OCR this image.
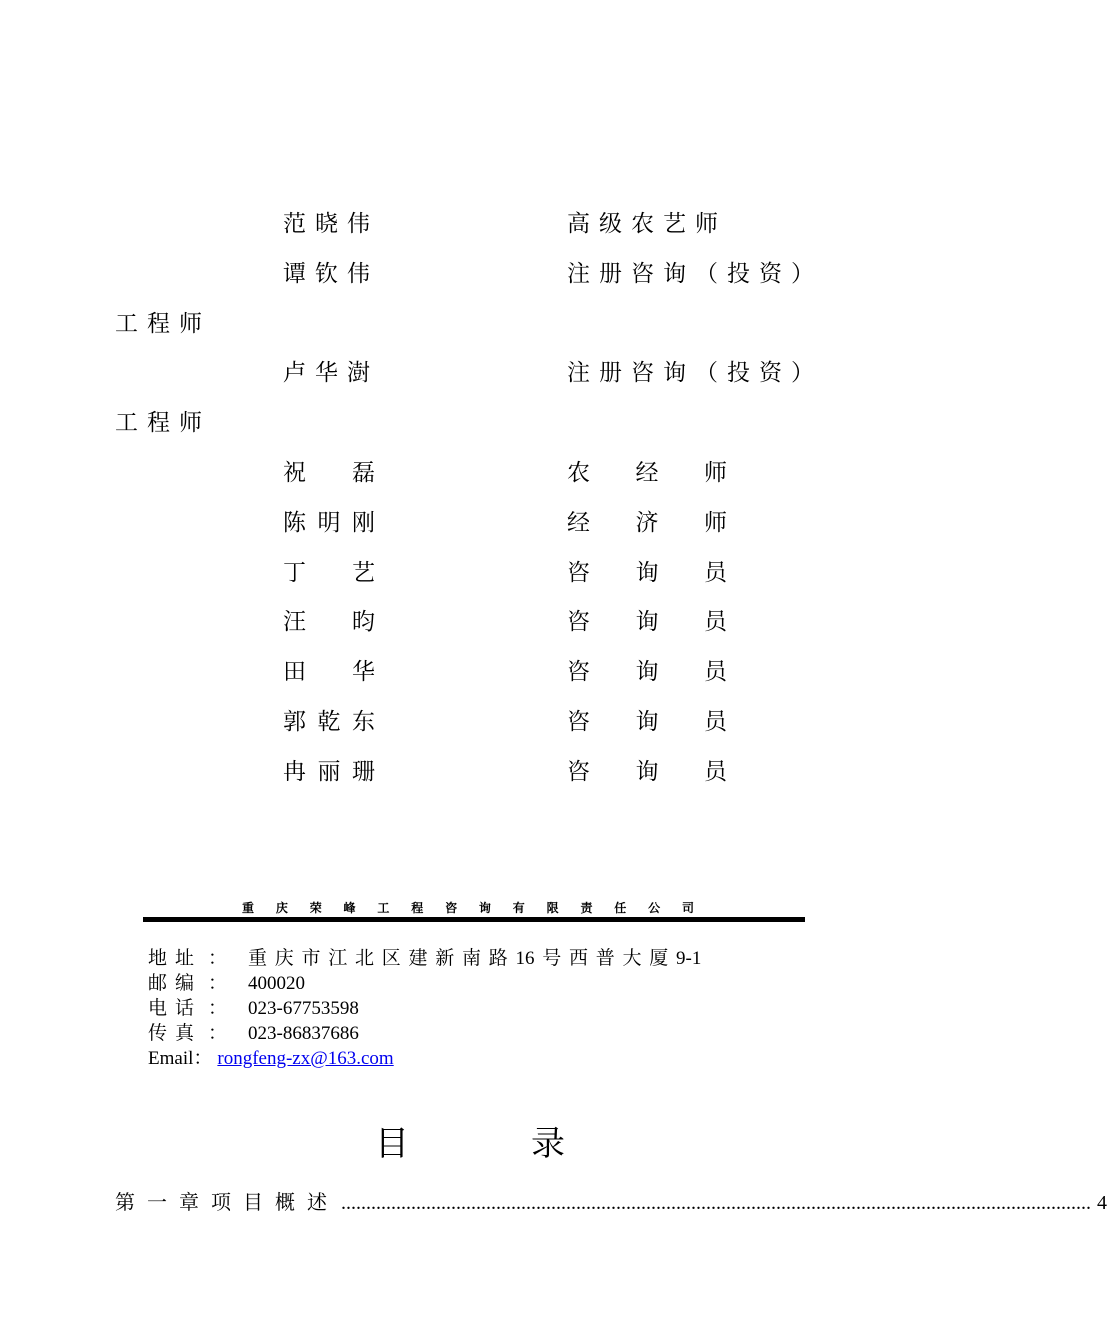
范晓伟	高级农艺师
谭钦伟	注册咨询（投资）
工程师
卢华澍	注册咨询（投资）
工程师
祝 磊	农 经 师
陈 明 刚	经 济 师
丁 艺	咨 询 员
汪 昀	咨 询 员
田 华	咨 询 员
郭 乾 东	咨 询 员
冉 丽 珊	咨 询 员
重 庆 荣 峰 工 程 咨 询 有 限 责 任 公 司
地址 ： 重 庆 市 江 北 区 建 新 南 路 16 号 西 普 大 厦 9-1
邮编 ： 400020
电话 ： 023-67753598
传真 ： 023-86837686
Email： rongfeng-zx@163.com
目	录
第一章 项目概述 ...................................................................................................................................................... 4
